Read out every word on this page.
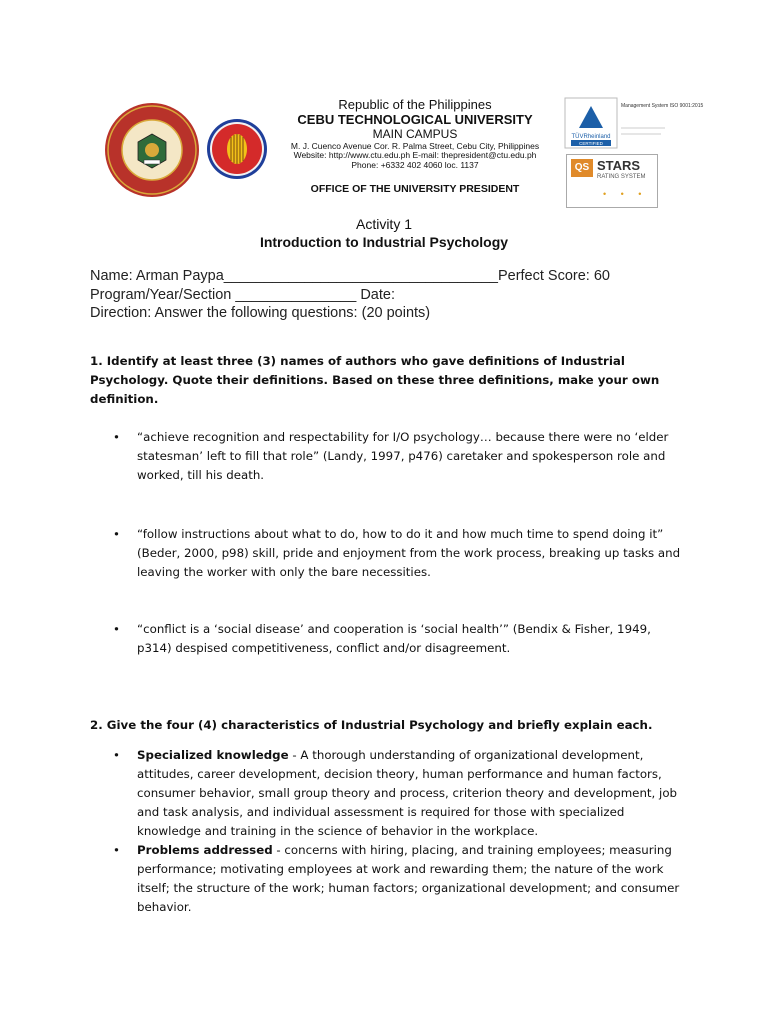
Republic of the Philippines
CEBU TECHNOLOGICAL UNIVERSITY
MAIN CAMPUS
M. J. Cuenco Avenue Cor. R. Palma Street, Cebu City, Philippines
Website: http://www.ctu.edu.ph E-mail: thepresident@ctu.edu.ph
Phone: +6332 402 4060 loc. 1137
OFFICE OF THE UNIVERSITY PRESIDENT
TÜVRheinland
CERTIFIED
Management System ISO 9001:2015
QS STARS
RATING SYSTEM
• • •
Activity 1
Introduction to Industrial Psychology
Name: Arman Paypa__________________________________Perfect Score: 60
Program/Year/Section _______________ Date:
Direction: Answer the following questions: (20 points)
1. Identify at least three (3) names of authors who gave definitions of Industrial Psychology. Quote their definitions. Based on these three definitions, make your own definition.
• “achieve recognition and respectability for I/O psychology… because there were no ‘elder statesman’ left to fill that role” (Landy, 1997, p476) caretaker and spokesperson role and worked, till his death.
• “follow instructions about what to do, how to do it and how much time to spend doing it” (Beder, 2000, p98) skill, pride and enjoyment from the work process, breaking up tasks and leaving the worker with only the bare necessities.
• “conflict is a ‘social disease’ and cooperation is ‘social health’” (Bendix & Fisher, 1949, p314) despised competitiveness, conflict and/or disagreement.
2. Give the four (4) characteristics of Industrial Psychology and briefly explain each.
• Specialized knowledge - A thorough understanding of organizational development, attitudes, career development, decision theory, human performance and human factors, consumer behavior, small group theory and process, criterion theory and development, job and task analysis, and individual assessment is required for those with specialized knowledge and training in the science of behavior in the workplace.
• Problems addressed - concerns with hiring, placing, and training employees; measuring performance; motivating employees at work and rewarding them; the nature of the work itself; the structure of the work; human factors; organizational development; and consumer behavior.
